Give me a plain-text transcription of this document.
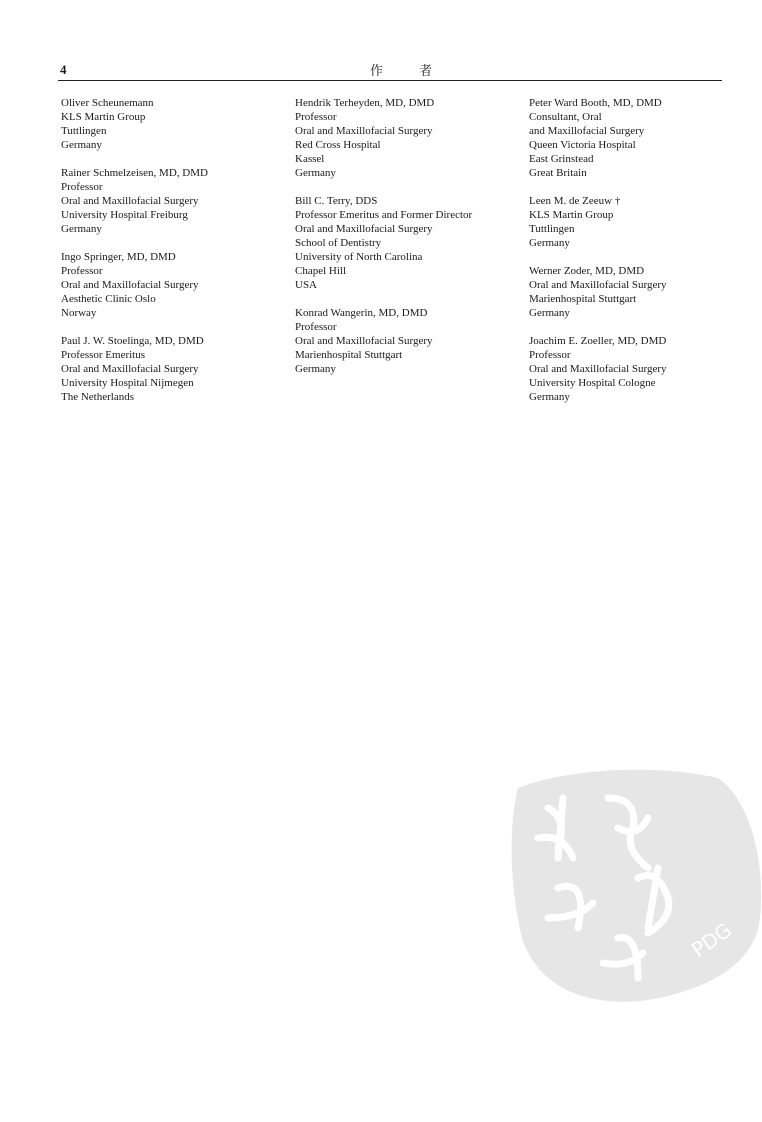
4	作 者
Oliver Scheunemann
KLS Martin Group
Tuttlingen
Germany
Rainer Schmelzeisen, MD, DMD
Professor
Oral and Maxillofacial Surgery
University Hospital Freiburg
Germany
Ingo Springer, MD, DMD
Professor
Oral and Maxillofacial Surgery
Aesthetic Clinic Oslo
Norway
Paul J. W. Stoelinga, MD, DMD
Professor Emeritus
Oral and Maxillofacial Surgery
University Hospital Nijmegen
The Netherlands
Hendrik Terheyden, MD, DMD
Professor
Oral and Maxillofacial Surgery
Red Cross Hospital
Kassel
Germany
Bill C. Terry, DDS
Professor Emeritus and Former Director
Oral and Maxillofacial Surgery
School of Dentistry
University of North Carolina
Chapel Hill
USA
Konrad Wangerin, MD, DMD
Professor
Oral and Maxillofacial Surgery
Marienhospital Stuttgart
Germany
Peter Ward Booth, MD, DMD
Consultant, Oral
and Maxillofacial Surgery
Queen Victoria Hospital
East Grinstead
Great Britain
Leen M. de Zeeuw †
KLS Martin Group
Tuttlingen
Germany
Werner Zoder, MD, DMD
Oral and Maxillofacial Surgery
Marienhospital Stuttgart
Germany
Joachim E. Zoeller, MD, DMD
Professor
Oral and Maxillofacial Surgery
University Hospital Cologne
Germany
PDG
